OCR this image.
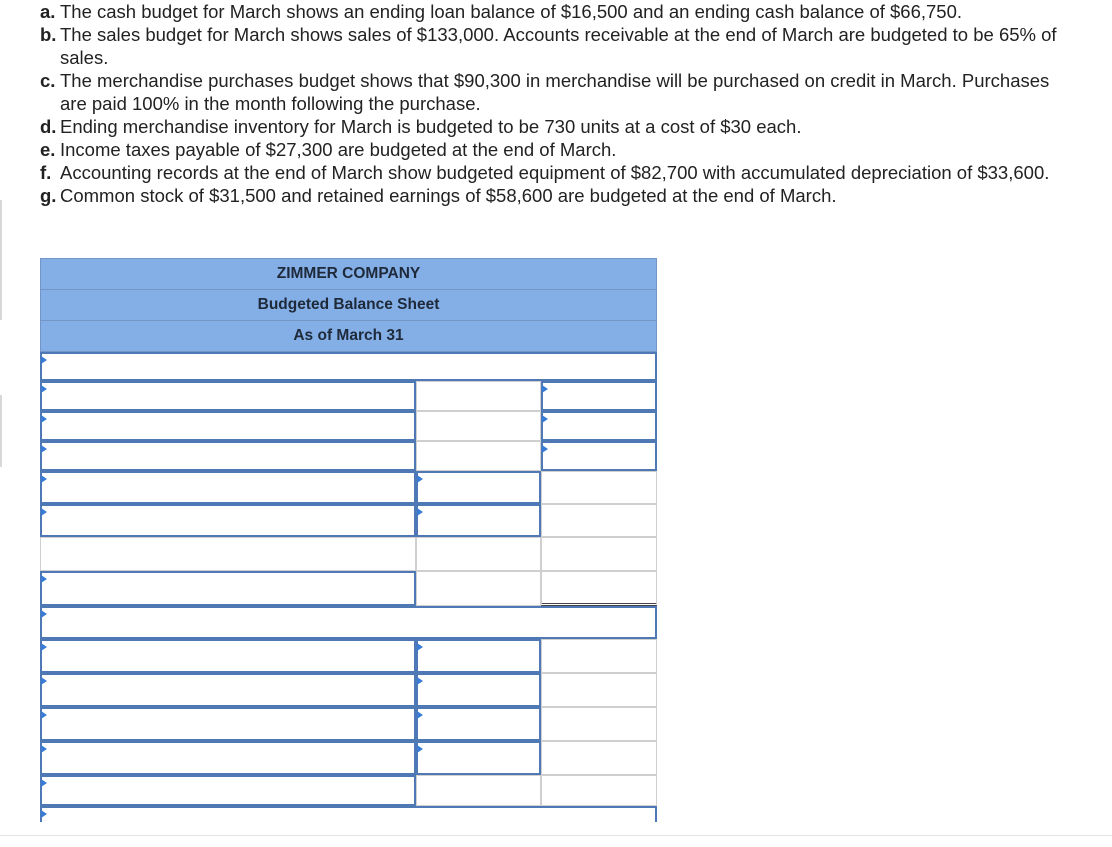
a. The cash budget for March shows an ending loan balance of $16,500 and an ending cash balance of $66,750.
b. The sales budget for March shows sales of $133,000. Accounts receivable at the end of March are budgeted to be 65% of
sales.
c. The merchandise purchases budget shows that $90,300 in merchandise will be purchased on credit in March. Purchases
are paid 100% in the month following the purchase.
d. Ending merchandise inventory for March is budgeted to be 730 units at a cost of $30 each.
e. Income taxes payable of $27,300 are budgeted at the end of March.
f. Accounting records at the end of March show budgeted equipment of $82,700 with accumulated depreciation of $33,600.
g. Common stock of $31,500 and retained earnings of $58,600 are budgeted at the end of March.
ZIMMER COMPANY
Budgeted Balance Sheet
As of March 31
